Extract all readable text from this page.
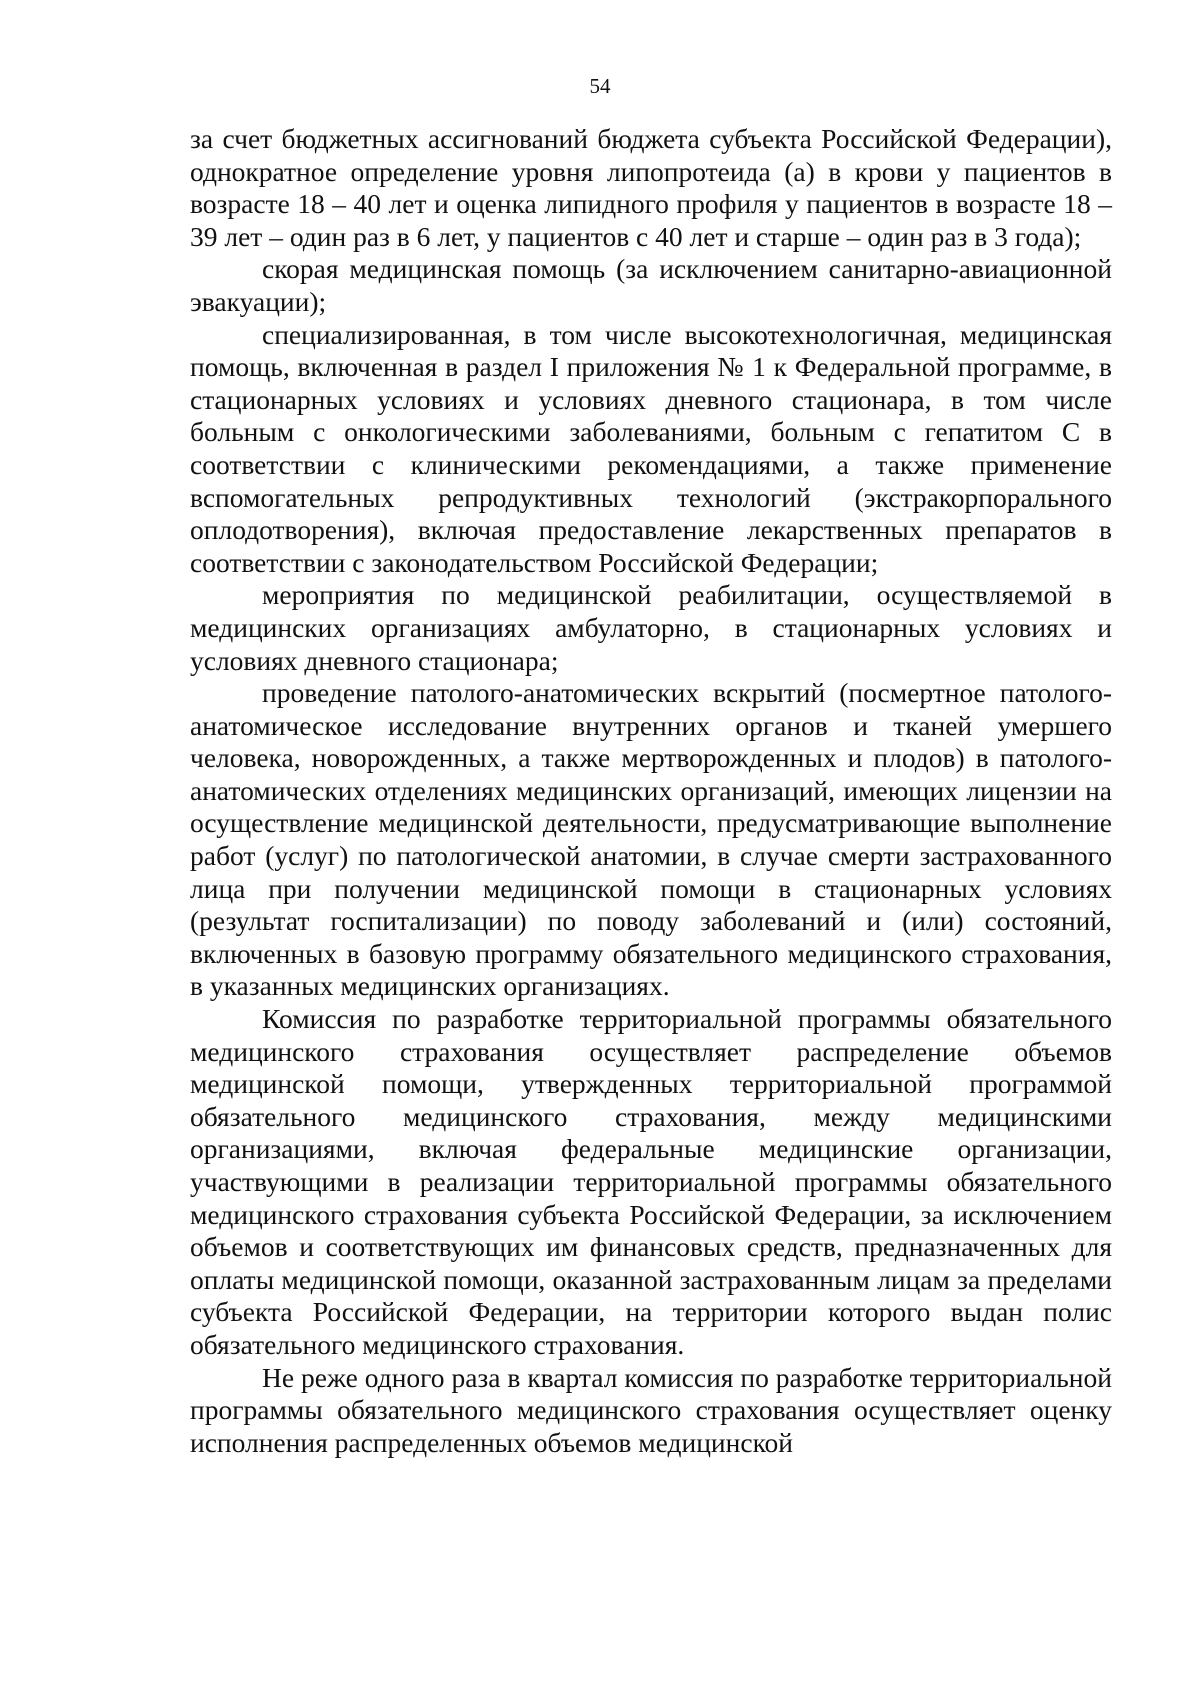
54

за счет бюджетных ассигнований бюджета субъекта Российской Федерации), однократное определение уровня липопротеида (а) в крови у пациентов в возрасте 18 – 40 лет и оценка липидного профиля у пациентов в возрасте 18 – 39 лет – один раз в 6 лет, у пациентов с 40 лет и старше – один раз в 3 года);

скорая медицинская помощь (за исключением санитарно-авиационной эвакуации);

специализированная, в том числе высокотехнологичная, медицинская помощь, включенная в раздел I приложения № 1 к Федеральной программе, в стационарных условиях и условиях дневного стационара, в том числе больным с онкологическими заболеваниями, больным с гепатитом С в соответствии с клиническими рекомендациями, а также применение вспомогательных репродуктивных технологий (экстракорпорального оплодотворения), включая предоставление лекарственных препаратов в соответствии с законодательством Российской Федерации;

мероприятия по медицинской реабилитации, осуществляемой в медицинских организациях амбулаторно, в стационарных условиях и условиях дневного стационара;

проведение патолого-анатомических вскрытий (посмертное патолого-анатомическое исследование внутренних органов и тканей умершего человека, новорожденных, а также мертворожденных и плодов) в патолого-анатомических отделениях медицинских организаций, имеющих лицензии на осуществление медицинской деятельности, предусматривающие выполнение работ (услуг) по патологической анатомии, в случае смерти застрахованного лица при получении медицинской помощи в стационарных условиях (результат госпитализации) по поводу заболеваний и (или) состояний, включенных в базовую программу обязательного медицинского страхования, в указанных медицинских организациях.

Комиссия по разработке территориальной программы обязательного медицинского страхования осуществляет распределение объемов медицинской помощи, утвержденных территориальной программой обязательного медицинского страхования, между медицинскими организациями, включая федеральные медицинские организации, участвующими в реализации территориальной программы обязательного медицинского страхования субъекта Российской Федерации, за исключением объемов и соответствующих им финансовых средств, предназначенных для оплаты медицинской помощи, оказанной застрахованным лицам за пределами субъекта Российской Федерации, на территории которого выдан полис обязательного медицинского страхования.

Не реже одного раза в квартал комиссия по разработке территориальной программы обязательного медицинского страхования осуществляет оценку исполнения распределенных объемов медицинской
